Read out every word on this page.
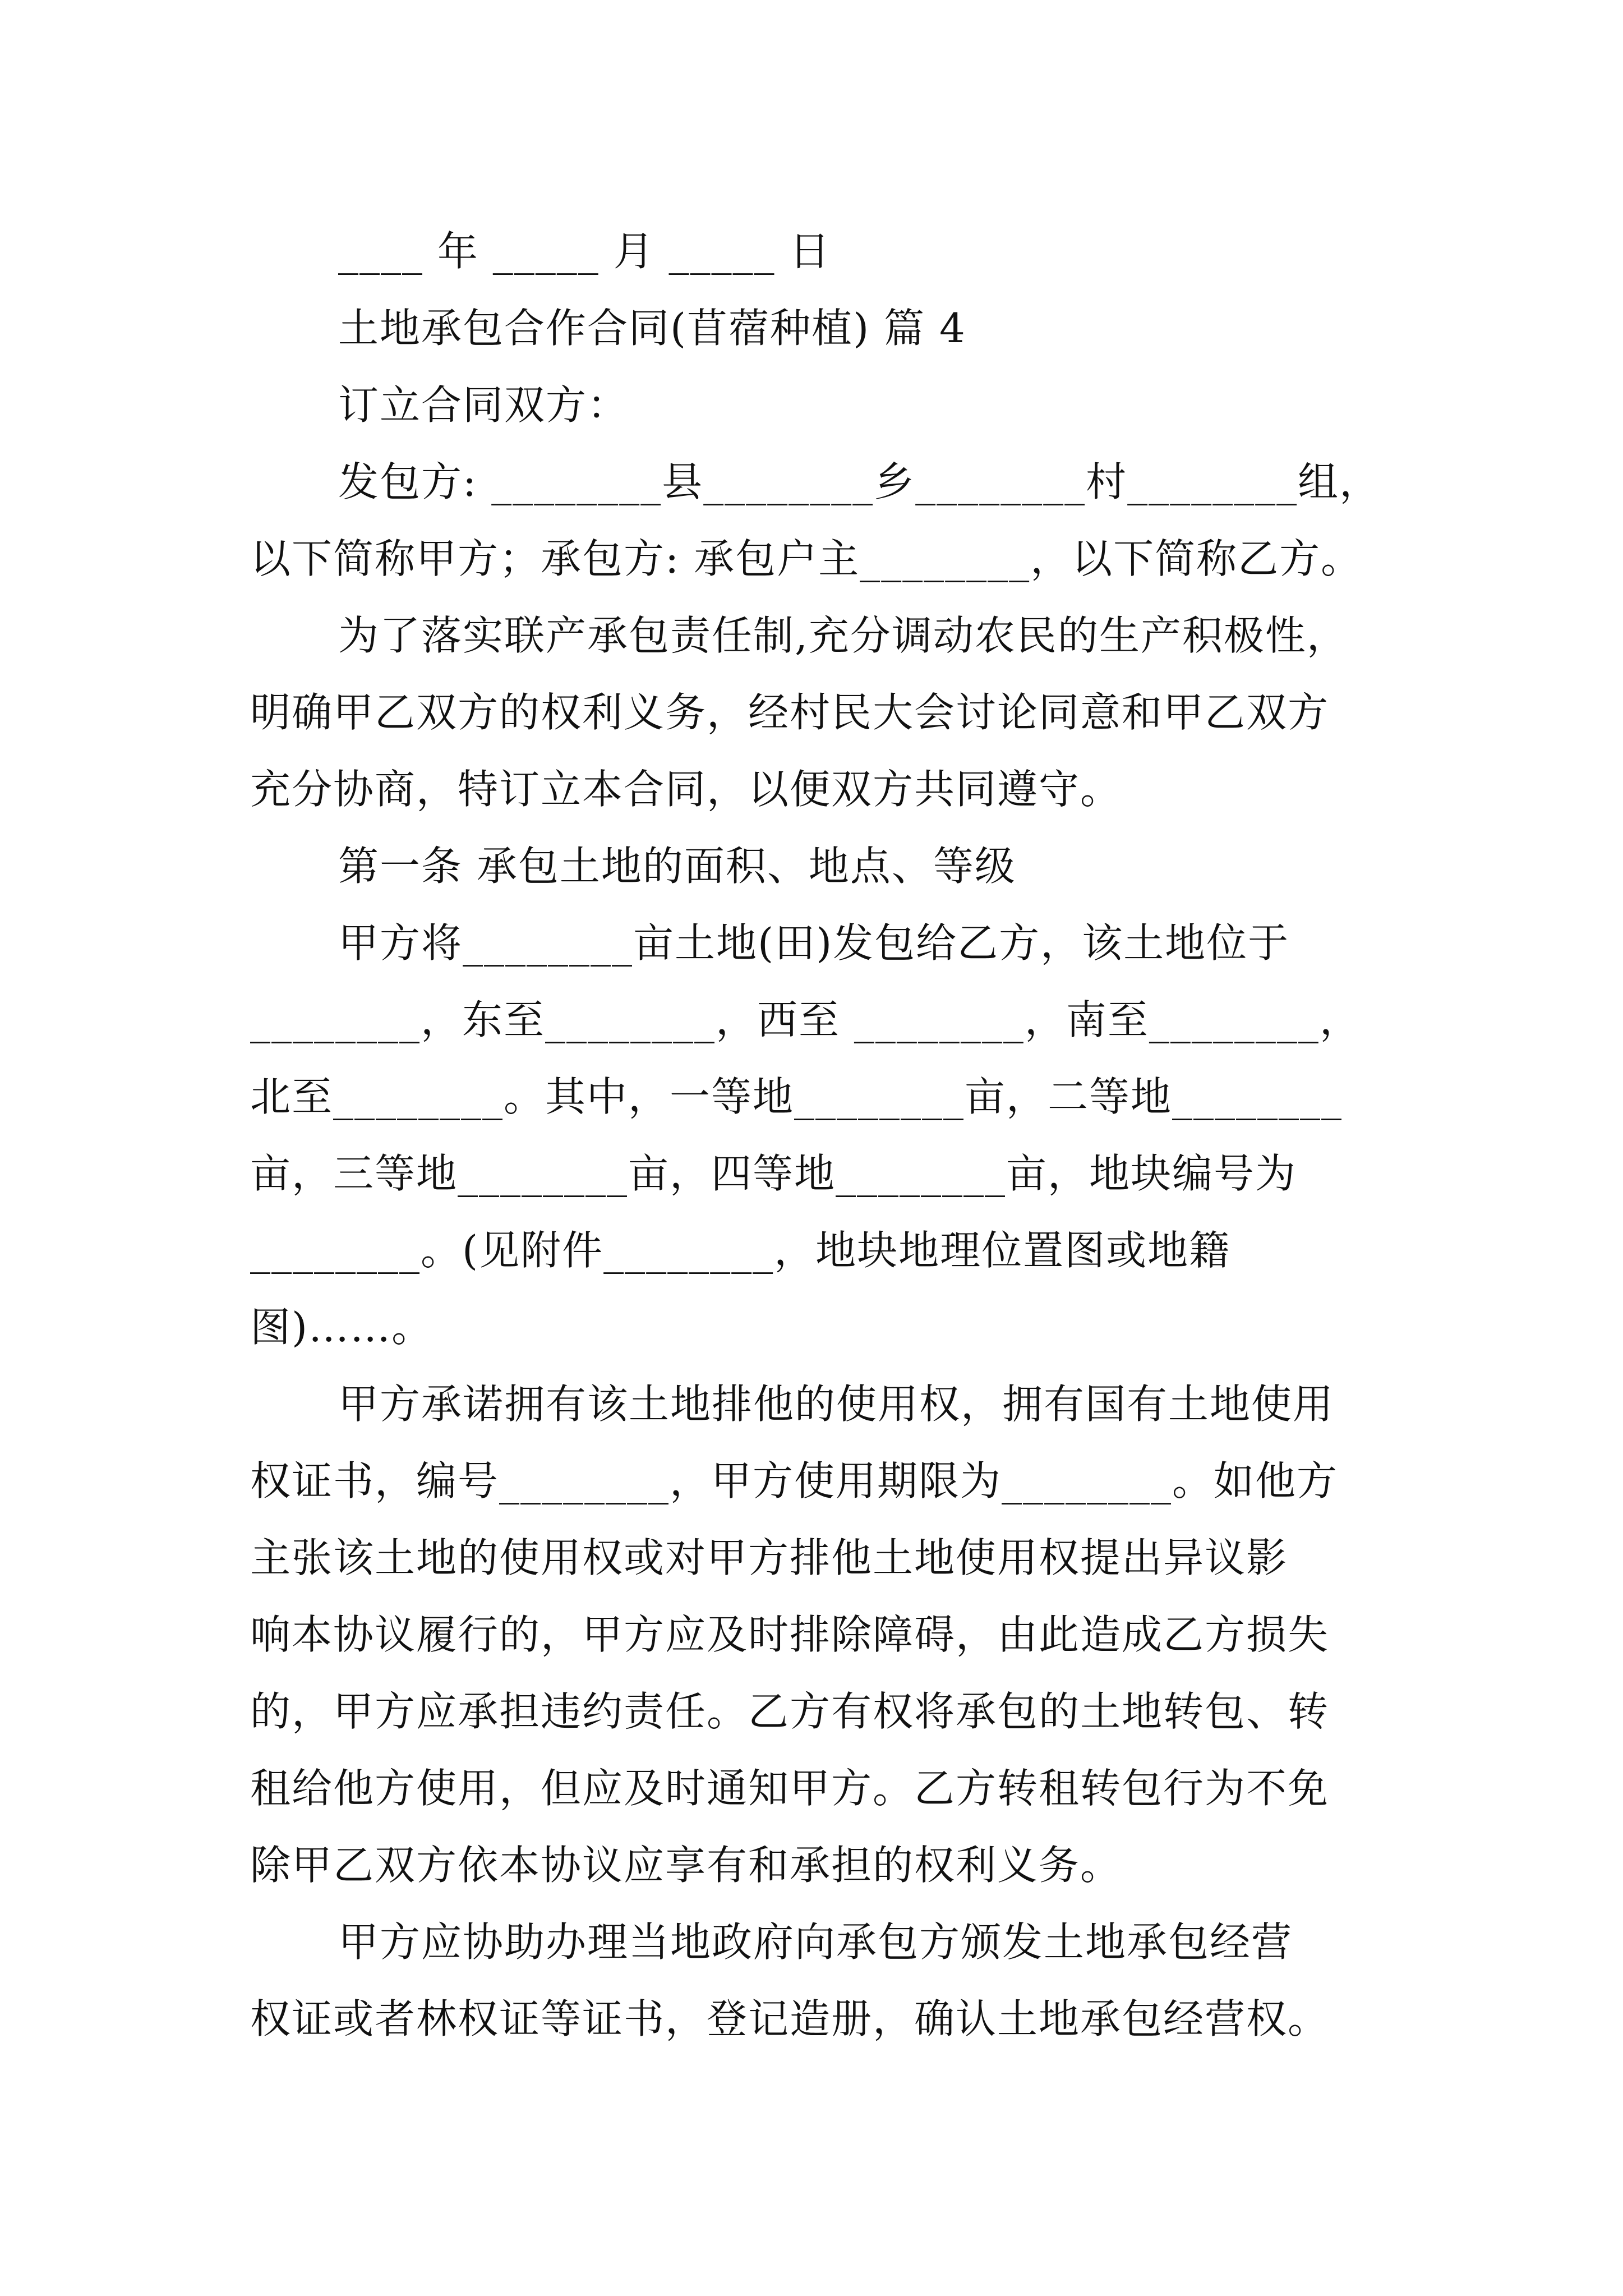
____ 年 _____ 月 _____ 日
土地承包合作合同(苜蓿种植) 篇 4
订立合同双方：
发包方: ________县________乡________村________组，
以下简称甲方；承包方: 承包户主________，以下简称乙方。
为了落实联产承包责任制,充分调动农民的生产积极性，
明确甲乙双方的权利义务，经村民大会讨论同意和甲乙双方
充分协商，特订立本合同，以便双方共同遵守。
第一条 承包土地的面积、地点、等级
甲方将________亩土地(田)发包给乙方，该土地位于
________，东至________，西至 ________，南至________，
北至________。其中，一等地________亩，二等地________
亩，三等地________亩，四等地________亩，地块编号为
________。(见附件________，地块地理位置图或地籍
图)……。
甲方承诺拥有该土地排他的使用权，拥有国有土地使用
权证书，编号________，甲方使用期限为________。如他方
主张该土地的使用权或对甲方排他土地使用权提出异议影
响本协议履行的，甲方应及时排除障碍，由此造成乙方损失
的，甲方应承担违约责任。乙方有权将承包的土地转包、转
租给他方使用，但应及时通知甲方。乙方转租转包行为不免
除甲乙双方依本协议应享有和承担的权利义务。
甲方应协助办理当地政府向承包方颁发土地承包经营
权证或者林权证等证书，登记造册，确认土地承包经营权。
